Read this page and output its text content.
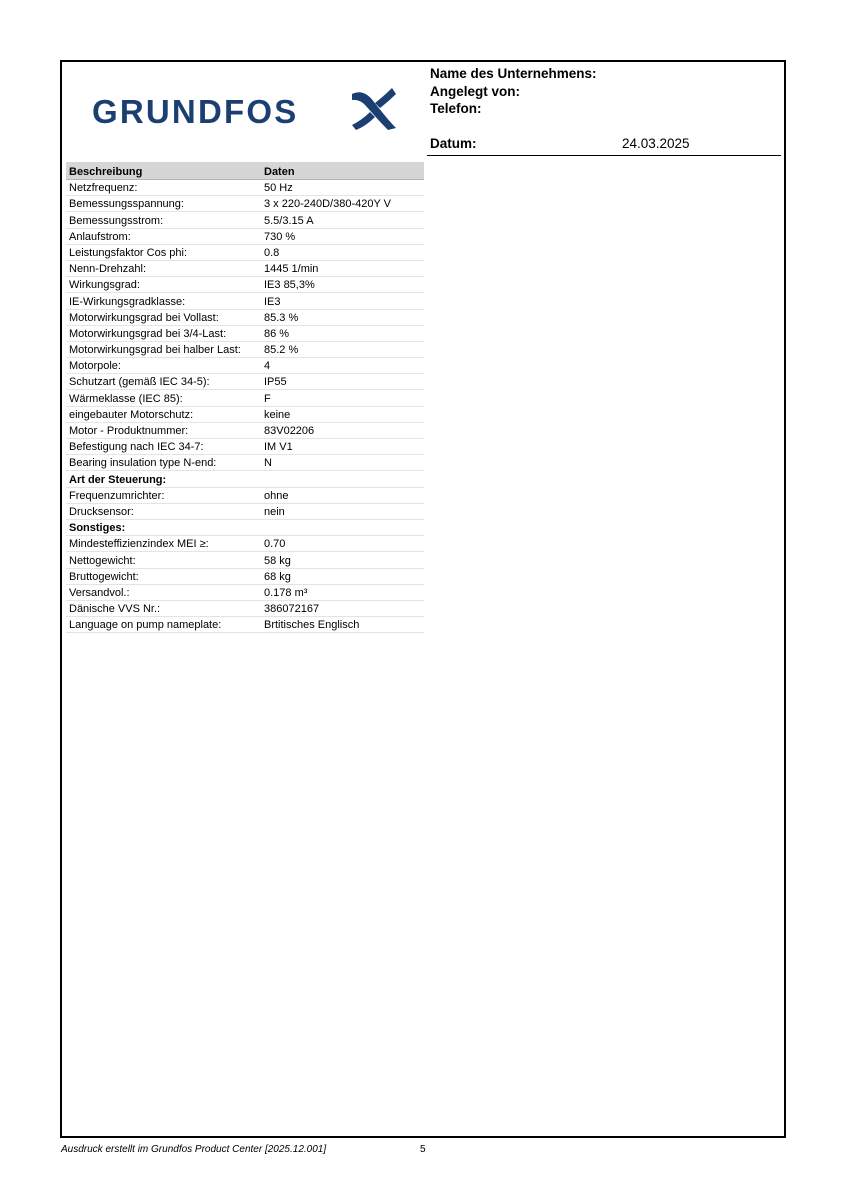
GRUNDFOS
Name des Unternehmens:
Angelegt von:
Telefon:
Datum:	24.03.2025
Beschreibung	Daten
Netzfrequenz:	50 Hz
Bemessungsspannung:	3 x 220-240D/380-420Y V
Bemessungsstrom:	5.5/3.15 A
Anlaufstrom:	730 %
Leistungsfaktor Cos phi:	0.8
Nenn-Drehzahl:	1445 1/min
Wirkungsgrad:	IE3 85,3%
IE-Wirkungsgradklasse:	IE3
Motorwirkungsgrad bei Vollast:	85.3 %
Motorwirkungsgrad bei 3/4-Last:	86 %
Motorwirkungsgrad bei halber Last:	85.2 %
Motorpole:	4
Schutzart (gemäß IEC 34-5):	IP55
Wärmeklasse (IEC 85):	F
eingebauter Motorschutz:	keine
Motor - Produktnummer:	83V02206
Befestigung nach IEC 34-7:	IM V1
Bearing insulation type N-end:	N
Art der Steuerung:
Frequenzumrichter:	ohne
Drucksensor:	nein
Sonstiges:
Mindesteffizienzindex MEI ≥:	0.70
Nettogewicht:	58 kg
Bruttogewicht:	68 kg
Versandvol.:	0.178 m³
Dänische VVS Nr.:	386072167
Language on pump nameplate:	Brtitisches Englisch
Ausdruck erstellt im Grundfos Product Center [2025.12.001]	5
